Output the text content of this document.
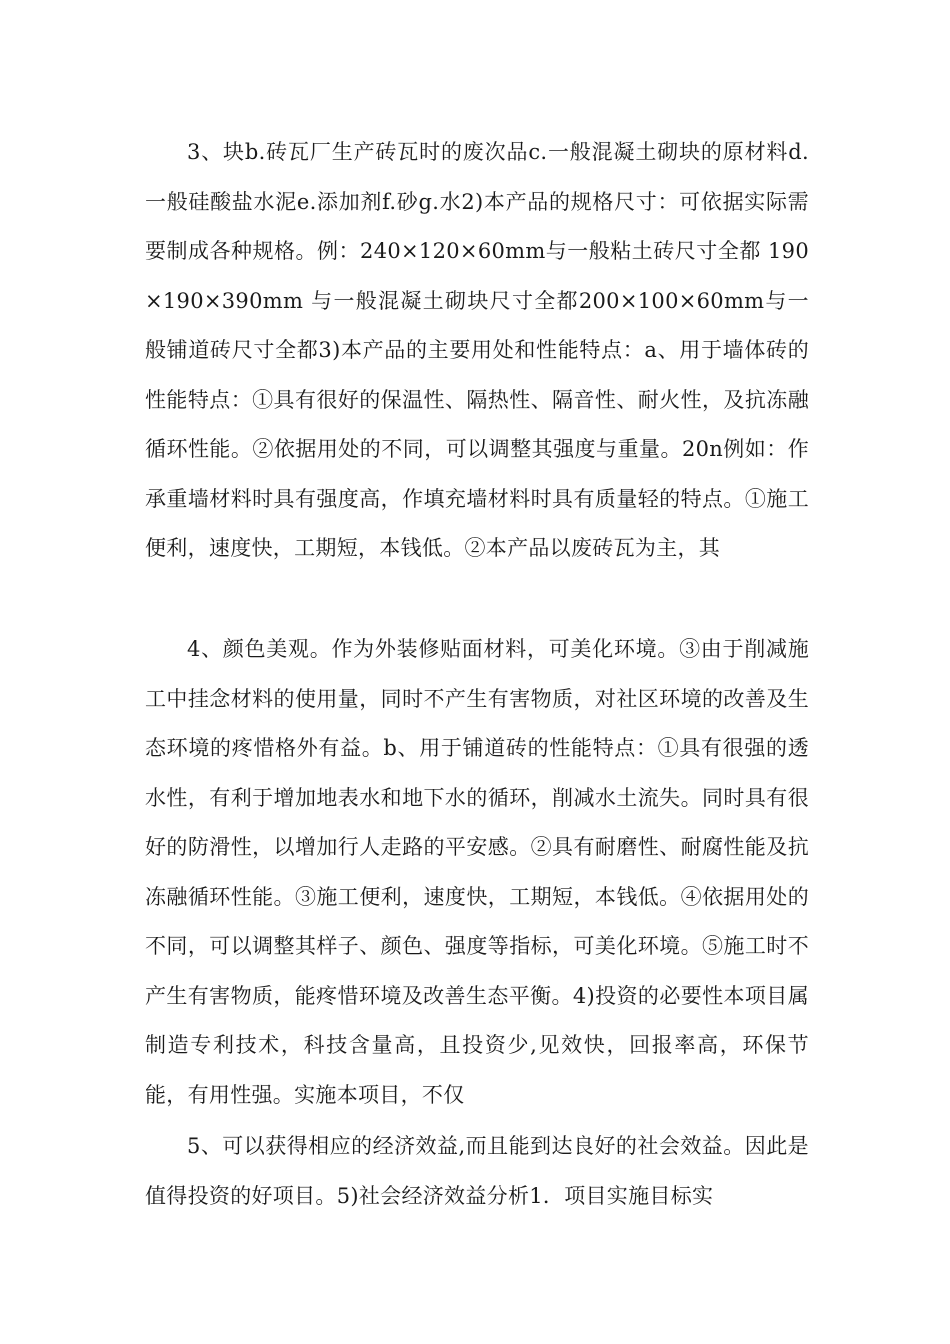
3、块b.砖瓦厂生产砖瓦时的废次品c.一般混凝土砌块的原材料d.一般硅酸盐水泥e.添加剂f.砂g.水2)本产品的规格尺寸：可依据实际需要制成各种规格。例：240×120×60mm与一般粘土砖尺寸全都 190×190×390mm 与一般混凝土砌块尺寸全都200×100×60mm与一般铺道砖尺寸全都3)本产品的主要用处和性能特点：a、用于墙体砖的性能特点：①具有很好的保温性、隔热性、隔音性、耐火性，及抗冻融循环性能。②依据用处的不同，可以调整其强度与重量。20n例如：作承重墙材料时具有强度高，作填充墙材料时具有质量轻的特点。①施工便利，速度快，工期短，本钱低。②本产品以废砖瓦为主，其

4、颜色美观。作为外装修贴面材料，可美化环境。③由于削减施工中挂念材料的使用量，同时不产生有害物质，对社区环境的改善及生态环境的疼惜格外有益。b、用于铺道砖的性能特点：①具有很强的透水性，有利于增加地表水和地下水的循环，削减水土流失。同时具有很好的防滑性，以增加行人走路的平安感。②具有耐磨性、耐腐性能及抗冻融循环性能。③施工便利，速度快，工期短，本钱低。④依据用处的不同，可以调整其样子、颜色、强度等指标，可美化环境。⑤施工时不产生有害物质，能疼惜环境及改善生态平衡。4)投资的必要性本项目属制造专利技术，科技含量高，且投资少,见效快，回报率高，环保节能，有用性强。实施本项目，不仅

5、可以获得相应的经济效益,而且能到达良好的社会效益。因此是值得投资的好项目。5)社会经济效益分析1．项目实施目标实
